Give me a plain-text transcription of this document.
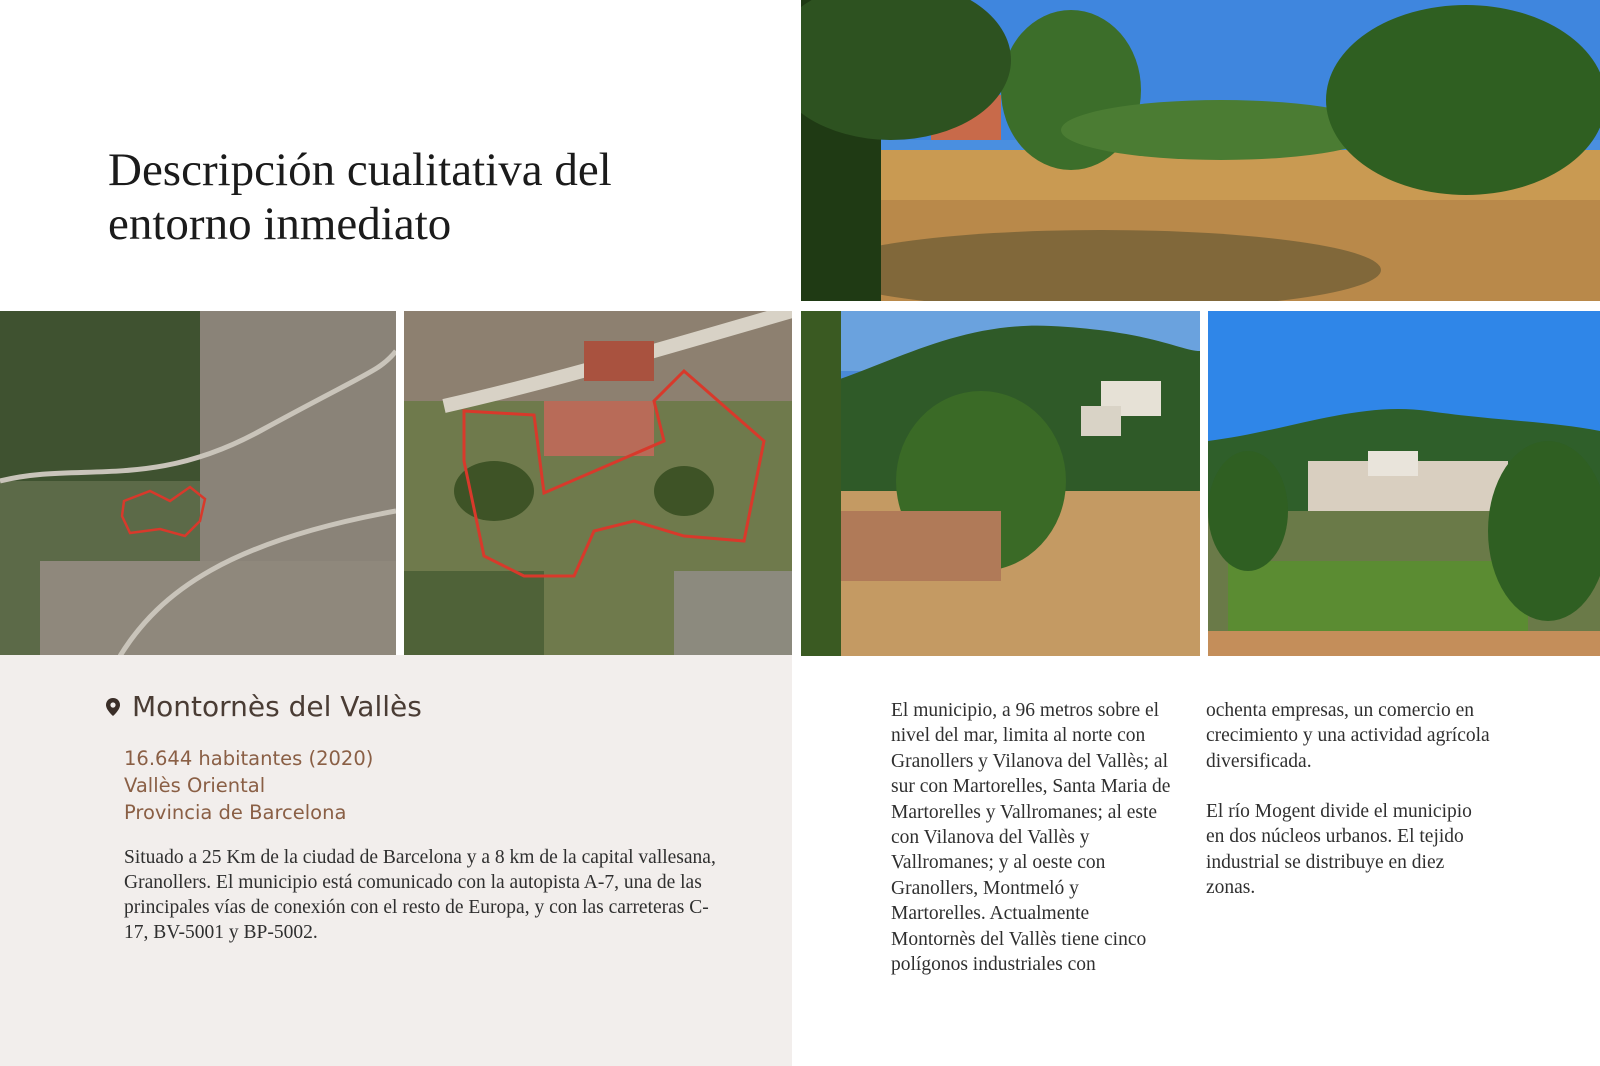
Descripción cualitativa del entorno inmediato
Montornès del Vallès
16.644 habitantes (2020)
Vallès Oriental
Provincia de Barcelona

Situado a 25 Km de la ciudad de Barcelona y a 8 km de la capital vallesana, Granollers. El municipio está comunicado con la autopista A-7, una de las principales vías de conexión con el resto de Europa, y con las carreteras C-17, BV-5001 y BP-5002.

El municipio, a 96 metros sobre el nivel del mar, limita al norte con Granollers y Vilanova del Vallès; al sur con Martorelles, Santa Maria de Martorelles y Vallromanes; al este con Vilanova del Vallès y Vallromanes; y al oeste con Granollers, Montmeló y Martorelles. Actualmente Montornès del Vallès tiene cinco polígonos industriales con

ochenta empresas, un comercio en crecimiento y una actividad agrícola diversificada.

El río Mogent divide el municipio en dos núcleos urbanos. El tejido industrial se distribuye en diez zonas.
